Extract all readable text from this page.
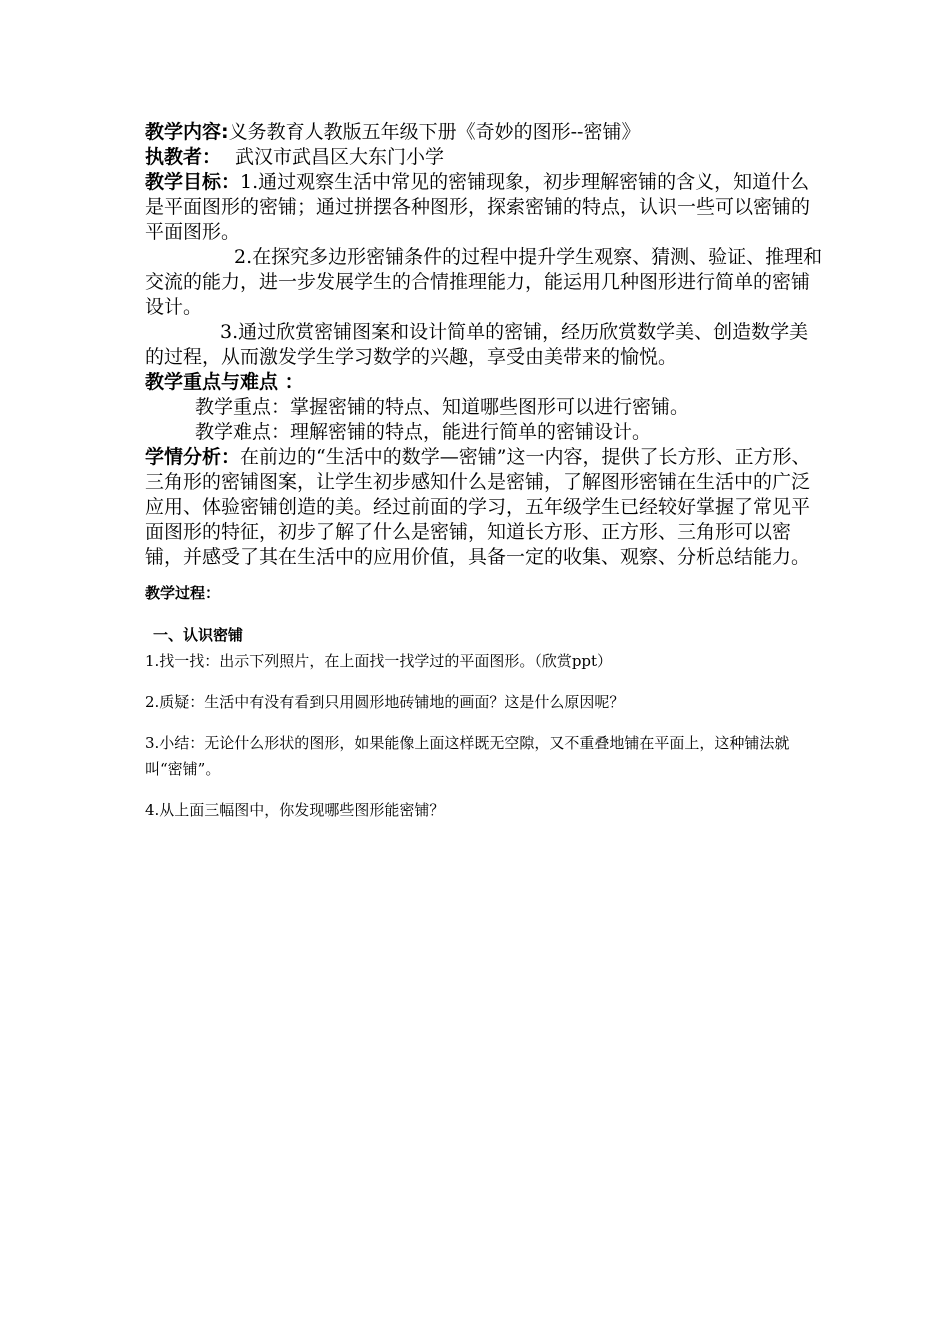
教学内容:义务教育人教版五年级下册《奇妙的图形--密铺》

执教者： 武汉市武昌区大东门小学

教学目标：1.通过观察生活中常见的密铺现象，初步理解密铺的含义，知道什么是平面图形的密铺；通过拼摆各种图形，探索密铺的特点，认识一些可以密铺的平面图形。

2.在探究多边形密铺条件的过程中提升学生观察、猜测、验证、推理和交流的能力，进一步发展学生的合情推理能力，能运用几种图形进行简单的密铺设计。

3.通过欣赏密铺图案和设计简单的密铺，经历欣赏数学美、创造数学美的过程，从而激发学生学习数学的兴趣，享受由美带来的愉悦。

教学重点与难点 ：

教学重点：掌握密铺的特点、知道哪些图形可以进行密铺。

教学难点：理解密铺的特点，能进行简单的密铺设计。

学情分析：在前边的“生活中的数学—密铺”这一内容，提供了长方形、正方形、三角形的密铺图案，让学生初步感知什么是密铺，了解图形密铺在生活中的广泛应用、体验密铺创造的美。经过前面的学习，五年级学生已经较好掌握了常见平面图形的特征，初步了解了什么是密铺，知道长方形、正方形、三角形可以密铺，并感受了其在生活中的应用价值，具备一定的收集、观察、分析总结能力。

教学过程：

一、认识密铺

1.找一找：出示下列照片，在上面找一找学过的平面图形。（欣赏ppt）

2.质疑：生活中有没有看到只用圆形地砖铺地的画面？这是什么原因呢？

3.小结：无论什么形状的图形，如果能像上面这样既无空隙，又不重叠地铺在平面上，这种铺法就叫“密铺”。

4.从上面三幅图中，你发现哪些图形能密铺？
